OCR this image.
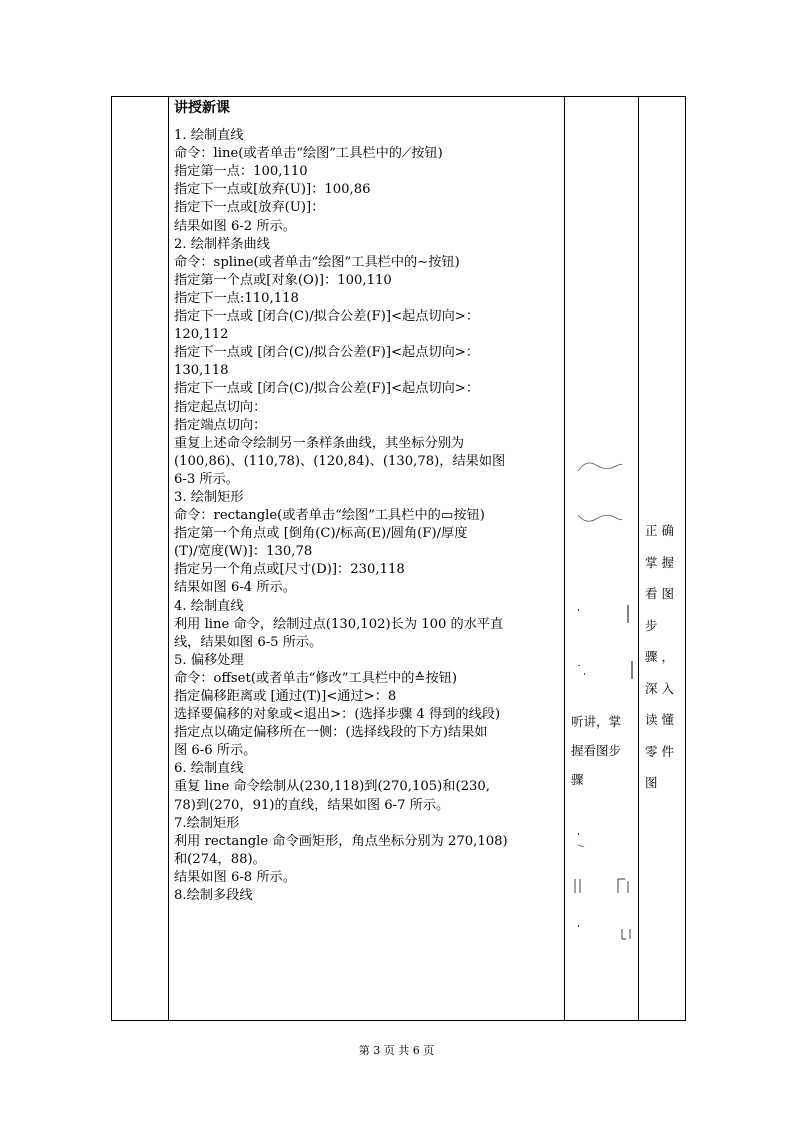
讲授新课
1. 绘制直线
命令：line(或者单击“绘图”工具栏中的⟋按钮)
指定第一点：100,110
指定下一点或[放弃(U)]：100,86
指定下一点或[放弃(U)]：
结果如图 6-2 所示。
2. 绘制样条曲线
命令：spline(或者单击“绘图”工具栏中的∼按钮)
指定第一个点或[对象(O)]：100,110
指定下一点:110,118
指定下一点或 [闭合(C)/拟合公差(F)]<起点切向>：
120,112
指定下一点或 [闭合(C)/拟合公差(F)]<起点切向>：
130,118
指定下一点或 [闭合(C)/拟合公差(F)]<起点切向>：
指定起点切向：
指定端点切向：
重复上述命令绘制另一条样条曲线，其坐标分别为
(100,86)、(110,78)、(120,84)、(130,78)，结果如图
6-3 所示。
3. 绘制矩形
命令：rectangle(或者单击“绘图”工具栏中的▭按钮)
指定第一个角点或 [倒角(C)/标高(E)/圆角(F)/厚度
(T)/宽度(W)]：130,78
指定另一个角点或[尺寸(D)]：230,118
结果如图 6-4 所示。
4. 绘制直线
利用 line 命令，绘制过点(130,102)长为 100 的水平直
线，结果如图 6-5 所示。
5. 偏移处理
命令：offset(或者单击“修改”工具栏中的≙按钮)
指定偏移距离或 [通过(T)]<通过>：8
选择要偏移的对象或<退出>：(选择步骤 4 得到的线段)
指定点以确定偏移所在一侧：(选择线段的下方)结果如
图 6-6 所示。
6. 绘制直线
重复 line 命令绘制从(230,118)到(270,105)和(230,
78)到(270，91)的直线，结果如图 6-7 所示。
7.绘制矩形
利用 rectangle 命令画矩形，角点坐标分别为 270,108)
和(274，88)。
结果如图 6-8 所示。
8.绘制多段线
听讲，掌
握看图步
骤
正 确
掌 握
看 图
步
骤 ，
深 入
读 懂
零 件
图
第 3 页 共 6 页
